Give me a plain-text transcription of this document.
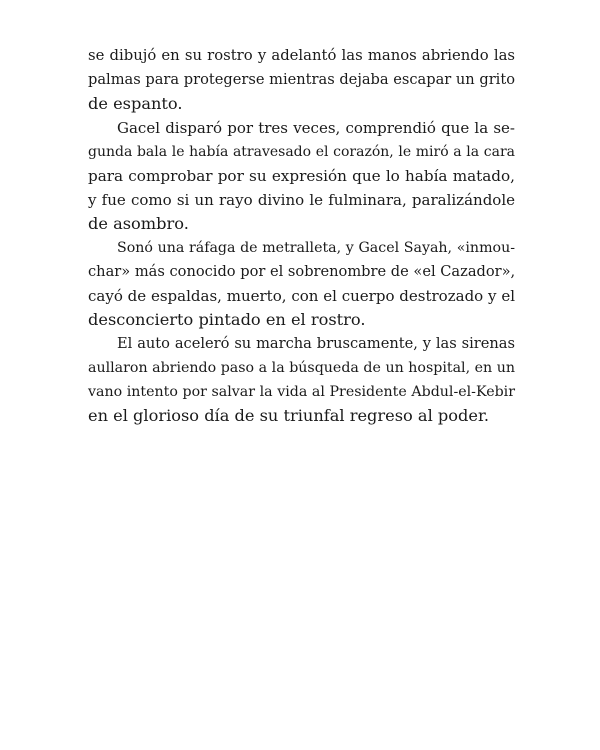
se dibujó en su rostro y adelantó las manos abriendo las
palmas para protegerse mientras dejaba escapar un grito
de espanto.
Gacel disparó por tres veces, comprendió que la se-
gunda bala le había atravesado el corazón, le miró a la cara
para comprobar por su expresión que lo había matado,
y fue como si un rayo divino le fulminara, paralizándole
de asombro.
Sonó una ráfaga de metralleta, y Gacel Sayah, «inmou-
char» más conocido por el sobrenombre de «el Cazador»,
cayó de espaldas, muerto, con el cuerpo destrozado y el
desconcierto pintado en el rostro.
El auto aceleró su marcha bruscamente, y las sirenas
aullaron abriendo paso a la búsqueda de un hospital, en un
vano intento por salvar la vida al Presidente Abdul-el-Kebir
en el glorioso día de su triunfal regreso al poder.
